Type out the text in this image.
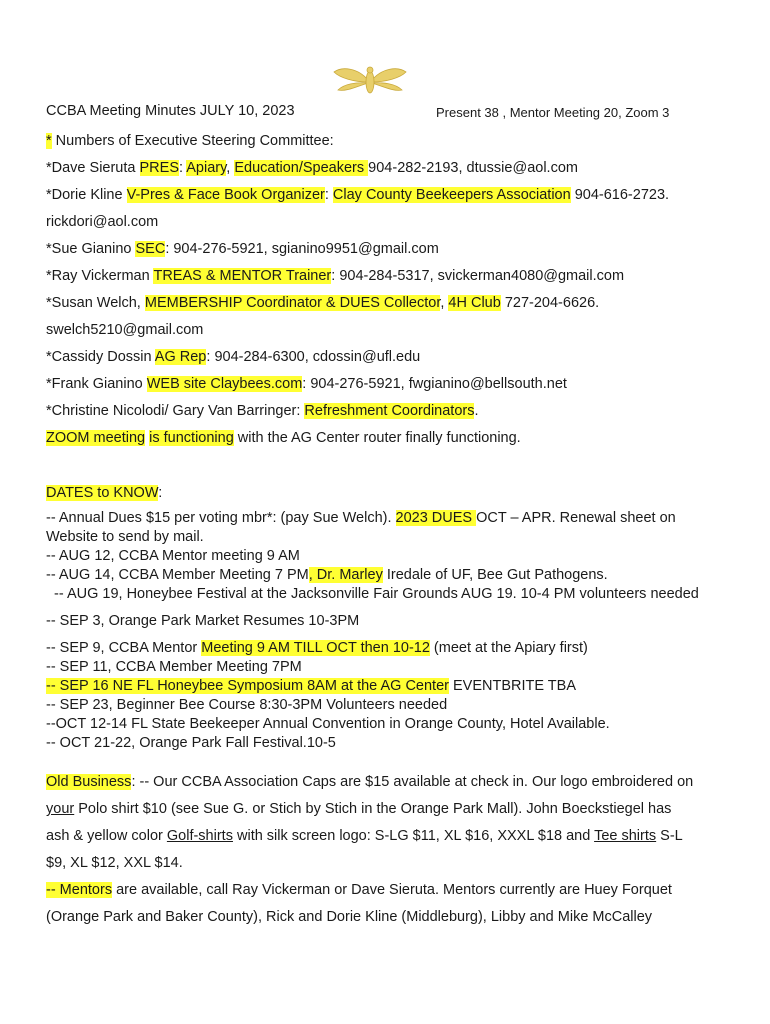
CCBA Meeting Minutes JULY 10, 2023	Present 38 , Mentor Meeting 20, Zoom 3
* Numbers of Executive Steering Committee:
*Dave Sieruta PRES: Apiary, Education/Speakers 904-282-2193, dtussie@aol.com
*Dorie Kline V-Pres & Face Book Organizer: Clay County Beekeepers Association 904-616-2723.
rickdori@aol.com
*Sue Gianino SEC: 904-276-5921, sgianino9951@gmail.com
*Ray Vickerman TREAS & MENTOR Trainer: 904-284-5317, svickerman4080@gmail.com
*Susan Welch, MEMBERSHIP Coordinator & DUES Collector, 4H Club 727-204-6626.
swelch5210@gmail.com
*Cassidy Dossin AG Rep: 904-284-6300, cdossin@ufl.edu
*Frank Gianino WEB site Claybees.com: 904-276-5921, fwgianino@bellsouth.net
*Christine Nicolodi/ Gary Van Barringer: Refreshment Coordinators.
ZOOM meeting is functioning with the AG Center router finally functioning.
DATES to KNOW:
-- Annual Dues $15 per voting mbr*: (pay Sue Welch). 2023 DUES OCT – APR. Renewal sheet on
Website to send by mail.
-- AUG 12, CCBA Mentor meeting 9 AM
-- AUG 14, CCBA Member Meeting 7 PM, Dr. Marley Iredale of UF, Bee Gut Pathogens.
-- AUG 19, Honeybee Festival at the Jacksonville Fair Grounds AUG 19. 10-4 PM volunteers needed
-- SEP 3, Orange Park Market Resumes 10-3PM
-- SEP 9, CCBA Mentor Meeting 9 AM TILL OCT then 10-12 (meet at the Apiary first)
-- SEP 11, CCBA Member Meeting 7PM
-- SEP 16 NE FL Honeybee Symposium 8AM at the AG Center EVENTBRITE TBA
-- SEP 23, Beginner Bee Course 8:30-3PM Volunteers needed
--OCT 12-14 FL State Beekeeper Annual Convention in Orange County, Hotel Available.
-- OCT 21-22, Orange Park Fall Festival.10-5
Old Business: -- Our CCBA Association Caps are $15 available at check in. Our logo embroidered on
your Polo shirt $10 (see Sue G. or Stich by Stich in the Orange Park Mall). John Boeckstiegel has
ash & yellow color Golf-shirts with silk screen logo: S-LG $11, XL $16, XXXL $18 and Tee shirts S-L
$9, XL $12, XXL $14.
-- Mentors are available, call Ray Vickerman or Dave Sieruta. Mentors currently are Huey Forquet
(Orange Park and Baker County), Rick and Dorie Kline (Middleburg), Libby and Mike McCalley
